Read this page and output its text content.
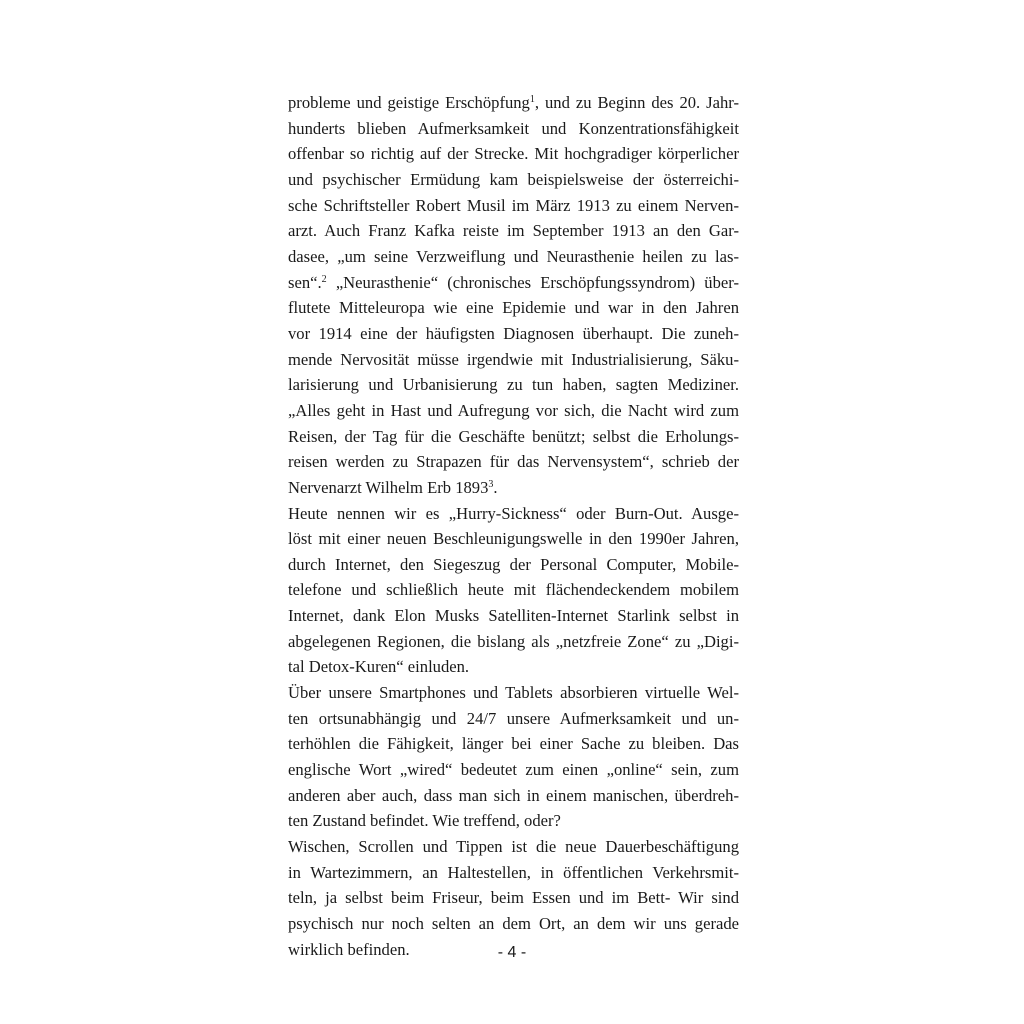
probleme und geistige Erschöpfung$^1$, und zu Beginn des 20. Jahr-
hunderts blieben Aufmerksamkeit und Konzentrationsfähigkeit
offenbar so richtig auf der Strecke. Mit hochgradiger körperlicher
und psychischer Ermüdung kam beispielsweise der österreichi-
sche Schriftsteller Robert Musil im März 1913 zu einem Nerven-
arzt. Auch Franz Kafka reiste im September 1913 an den Gar-
dasee, „um seine Verzweiflung und Neurasthenie heilen zu las-
sen“.$^2$ „Neurasthenie“ (chronisches Erschöpfungssyndrom) über-
flutete Mitteleuropa wie eine Epidemie und war in den Jahren
vor 1914 eine der häufigsten Diagnosen überhaupt. Die zuneh-
mende Nervosität müsse irgendwie mit Industrialisierung, Säku-
larisierung und Urbanisierung zu tun haben, sagten Mediziner.
„Alles geht in Hast und Aufregung vor sich, die Nacht wird zum
Reisen, der Tag für die Geschäfte benützt; selbst die Erholungs-
reisen werden zu Strapazen für das Nervensystem“, schrieb der
Nervenarzt Wilhelm Erb 1893$^3$.
Heute nennen wir es „Hurry-Sickness“ oder Burn-Out. Ausge-
löst mit einer neuen Beschleunigungswelle in den 1990er Jahren,
durch Internet, den Siegeszug der Personal Computer, Mobile-
telefone und schließlich heute mit flächendeckendem mobilem
Internet, dank Elon Musks Satelliten-Internet Starlink selbst in
abgelegenen Regionen, die bislang als „netzfreie Zone“ zu „Digi-
tal Detox-Kuren“ einluden.
Über unsere Smartphones und Tablets absorbieren virtuelle Wel-
ten ortsunabhängig und 24/7 unsere Aufmerksamkeit und un-
terhöhlen die Fähigkeit, länger bei einer Sache zu bleiben. Das
englische Wort „wired“ bedeutet zum einen „online“ sein, zum
anderen aber auch, dass man sich in einem manischen, überdreh-
ten Zustand befindet. Wie treffend, oder?
Wischen, Scrollen und Tippen ist die neue Dauerbeschäftigung
in Wartezimmern, an Haltestellen, in öffentlichen Verkehrsmit-
teln, ja selbst beim Friseur, beim Essen und im Bett- Wir sind
psychisch nur noch selten an dem Ort, an dem wir uns gerade
wirklich befinden.	- 4 -
